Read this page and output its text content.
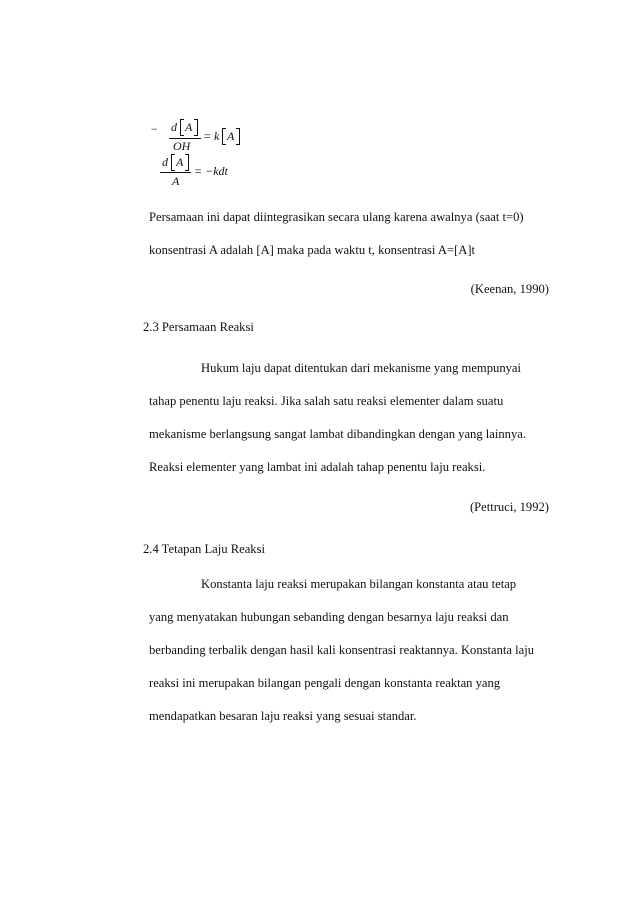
− d A
OH
= k A
d A
A
= −kdt
Persamaan ini dapat diintegrasikan secara ulang karena awalnya (saat t=0)
konsentrasi A adalah [A] maka pada waktu t, konsentrasi A=[A]t
(Keenan, 1990)
2.3 Persamaan Reaksi
Hukum laju dapat ditentukan dari mekanisme yang mempunyai
tahap penentu laju reaksi. Jika salah satu reaksi elementer dalam suatu
mekanisme berlangsung sangat lambat dibandingkan dengan yang lainnya.
Reaksi elementer yang lambat ini adalah tahap penentu laju reaksi.
(Pettruci, 1992)
2.4 Tetapan Laju Reaksi
Konstanta laju reaksi merupakan bilangan konstanta atau tetap
yang menyatakan hubungan sebanding dengan besarnya laju reaksi dan
berbanding terbalik dengan hasil kali konsentrasi reaktannya. Konstanta laju
reaksi ini merupakan bilangan pengali dengan konstanta reaktan yang
mendapatkan besaran laju reaksi yang sesuai standar.
